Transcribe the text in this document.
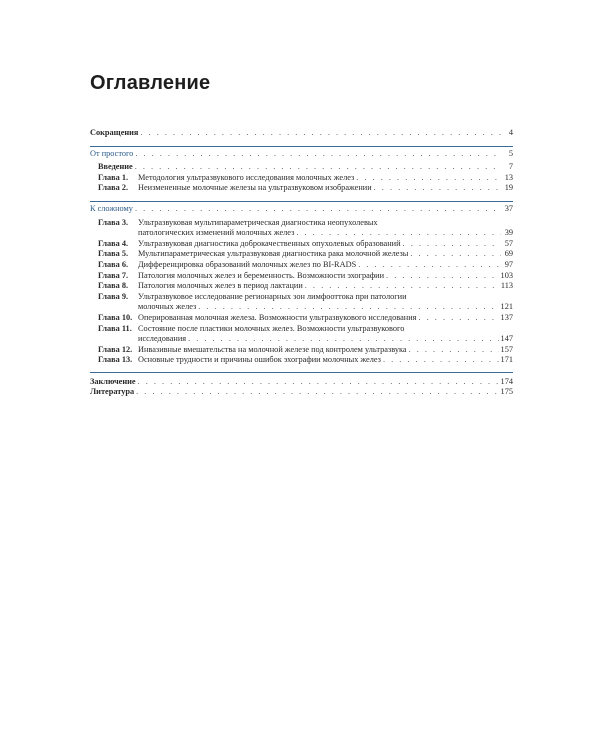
Оглавление
Сокращения . . .	4
От простого . . .	5
Введение . . .	7
Глава 1.	Методология ультразвукового исследования молочных желез . . .	13
Глава 2.	Неизмененные молочные железы на ультразвуковом изображении . . .	19
К сложному . . .	37
Глава 3.	Ультразвуковая мультипараметрическая диагностика неопухолевых
патологических изменений молочных желез . . .	39
Глава 4.	Ультразвуковая диагностика доброкачественных опухолевых образований . . .	57
Глава 5.	Мультипараметрическая ультразвуковая диагностика рака молочной железы . . .	69
Глава 6.	Дифференцировка образований молочных желез по BI-RADS . . .	97
Глава 7.	Патология молочных желез и беременность. Возможности эхографии . . .	103
Глава 8.	Патология молочных желез в период лактации . . .	113
Глава 9.	Ультразвуковое исследование регионарных зон лимфооттока при патологии
молочных желез . . .	121
Глава 10. Оперированная молочная железа. Возможности ультразвукового исследования . . .	137
Глава 11. Состояние после пластики молочных желез. Возможности ультразвукового
исследования . . .	147
Глава 12. Инвазивные вмешательства на молочной железе под контролем ультразвука . . .	157
Глава 13. Основные трудности и причины ошибок эхографии молочных желез . . .	171
Заключение . . .	174
Литература . . .	175
